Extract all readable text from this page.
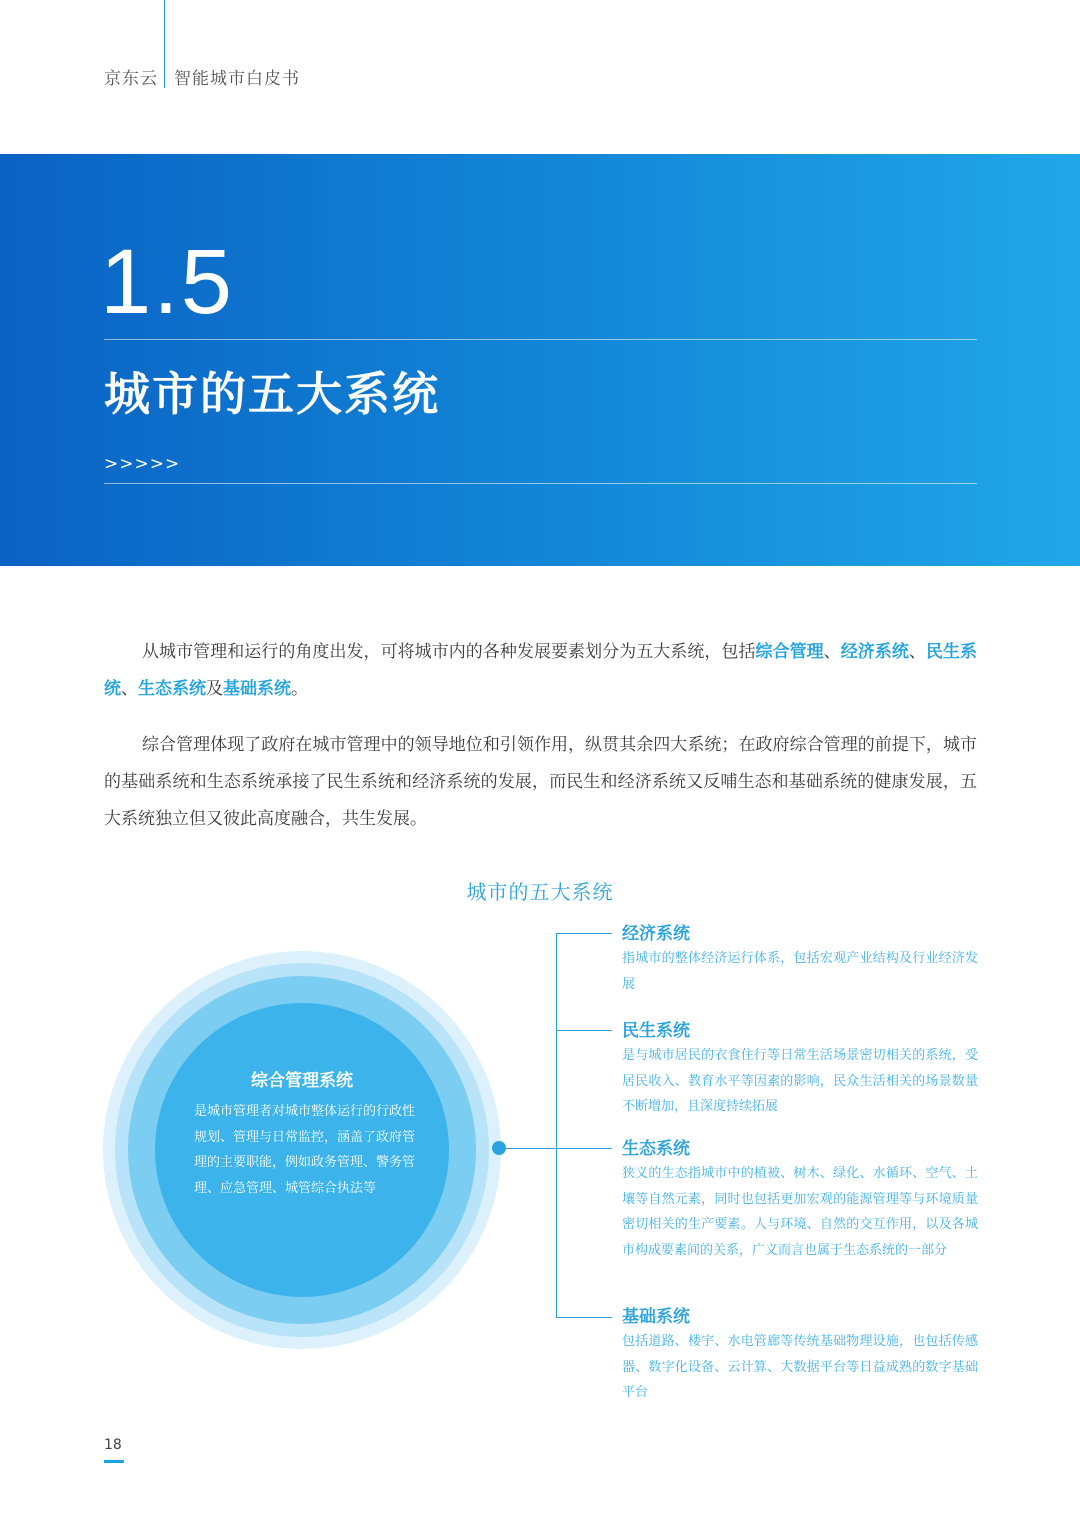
京东云 智能城市白皮书
1.5
城市的五大系统
>>>>>

从城市管理和运行的角度出发，可将城市内的各种发展要素划分为五大系统，包括综合管理、经济系统、民生系统、生态系统及基础系统。

综合管理体现了政府在城市管理中的领导地位和引领作用，纵贯其余四大系统；在政府综合管理的前提下，城市的基础系统和生态系统承接了民生系统和经济系统的发展，而民生和经济系统又反哺生态和基础系统的健康发展，五大系统独立但又彼此高度融合，共生发展。

城市的五大系统
综合管理系统

是城市管理者对城市整体运行的行政性规划、管理与日常监控，涵盖了政府管理的主要职能，例如政务管理、警务管理、应急管理、城管综合执法等

经济系统

指城市的整体经济运行体系，包括宏观产业结构及行业经济发展

民生系统

是与城市居民的衣食住行等日常生活场景密切相关的系统，受居民收入、教育水平等因素的影响，民众生活相关的场景数量不断增加，且深度持续拓展

生态系统

狭义的生态指城市中的植被、树木、绿化、水循环、空气、土壤等自然元素，同时也包括更加宏观的能源管理等与环境质量密切相关的生产要素。人与环境、自然的交互作用，以及各城市构成要素间的关系，广义而言也属于生态系统的一部分

基础系统

包括道路、楼宇、水电管廊等传统基础物理设施，也包括传感器、数字化设备、云计算、大数据平台等日益成熟的数字基础平台

18
